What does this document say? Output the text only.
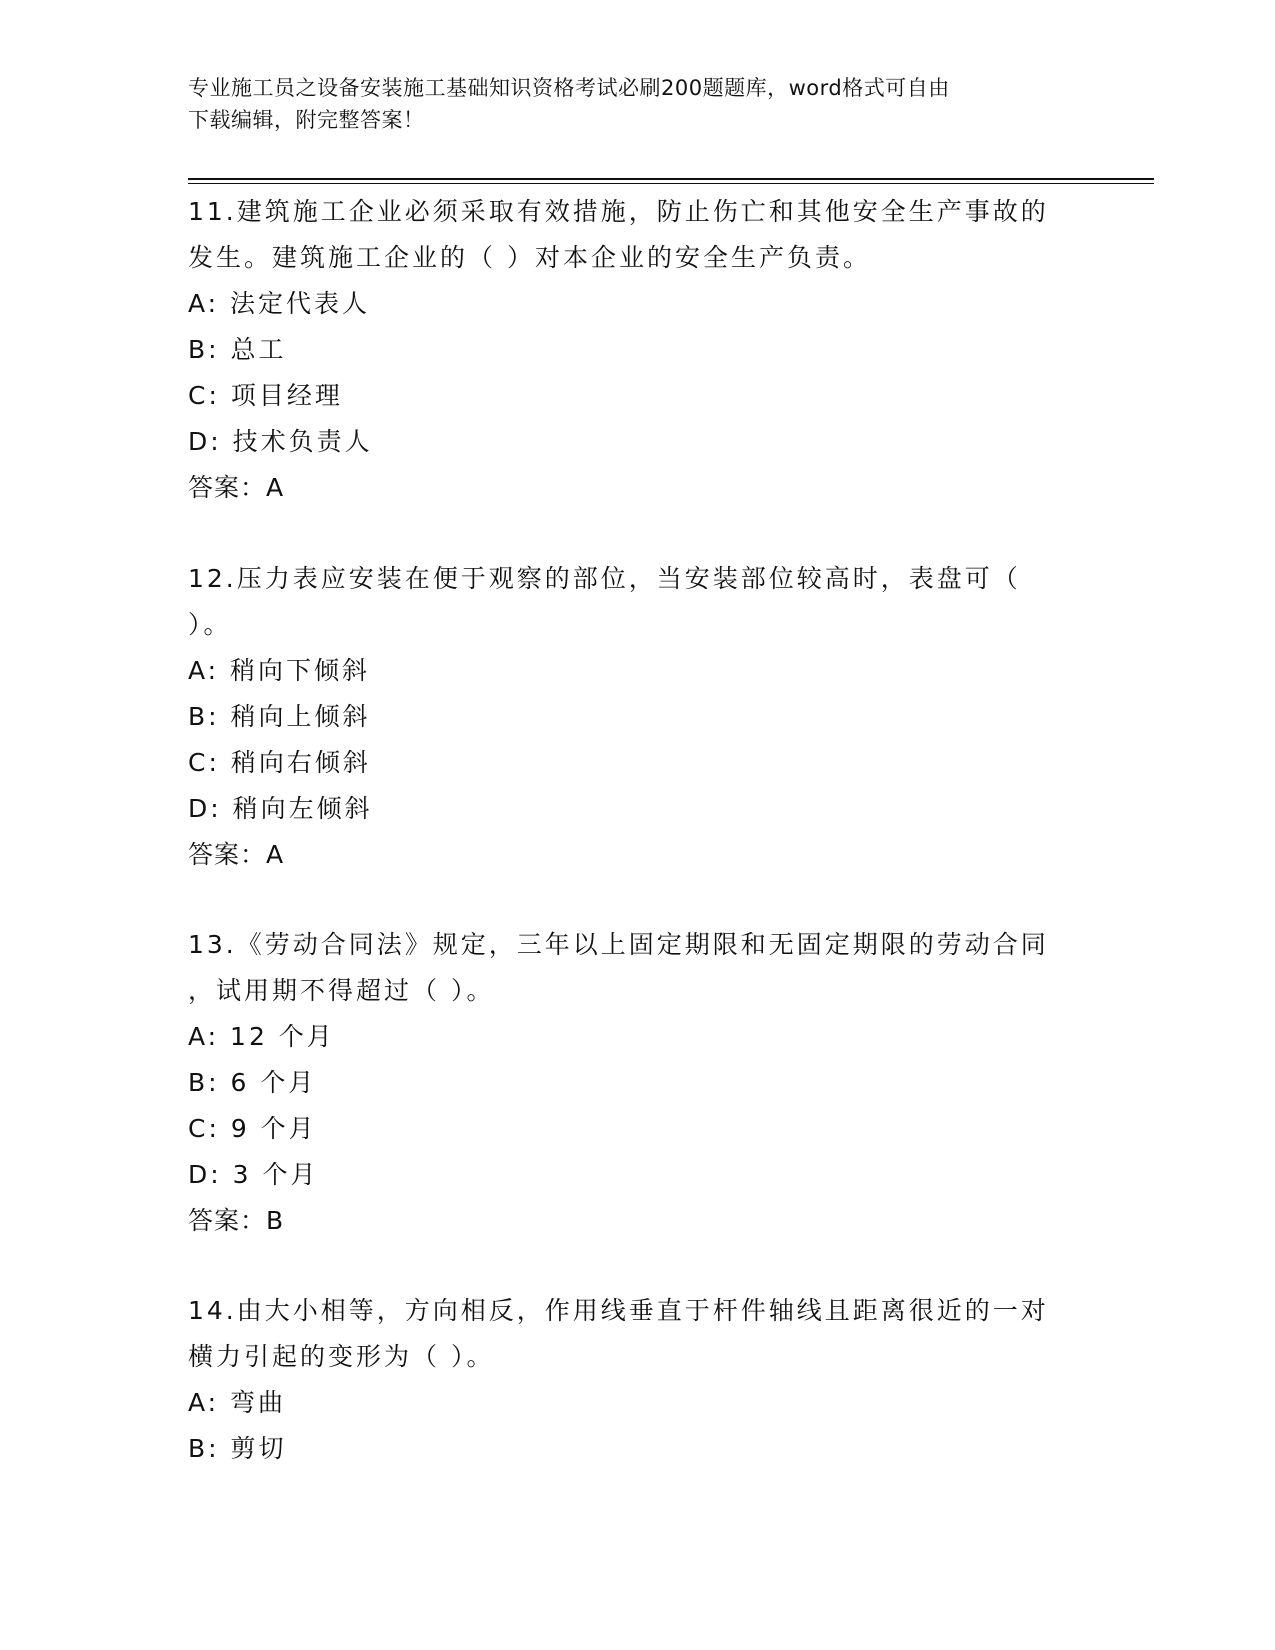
专业施工员之设备安装施工基础知识资格考试必刷200题题库，word格式可自由
下载编辑，附完整答案！

11.建筑施工企业必须采取有效措施，防止伤亡和其他安全生产事故的

发生。建筑施工企业的（ ）对本企业的安全生产负责。

A: 法定代表人

B: 总工

C: 项目经理

D: 技术负责人

答案：A

12.压力表应安装在便于观察的部位，当安装部位较高时，表盘可（

）。

A: 稍向下倾斜

B: 稍向上倾斜

C: 稍向右倾斜

D: 稍向左倾斜

答案：A

13.《劳动合同法》规定，三年以上固定期限和无固定期限的劳动合同

，试用期不得超过（ ）。

A: 12 个月

B: 6 个月

C: 9 个月

D: 3 个月

答案：B

14.由大小相等，方向相反，作用线垂直于杆件轴线且距离很近的一对

横力引起的变形为（ ）。

A: 弯曲

B: 剪切
